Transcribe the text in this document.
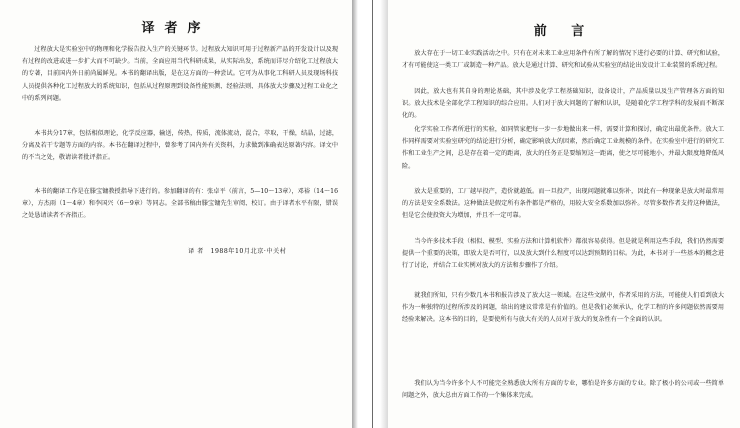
译者序

过程放大是实验室中的物理和化学报告投入生产的关键环节。过程放大知识可用于过程新产品的开发设计以及现有过程的改进或进一步扩大而不可缺少。当前，全面应用当代科研成果，从实际出发，系统而详尽介绍化工过程放大的专著，目前国内外日前尚属鲜见。本书的翻译出版，是在这方面的一种尝试。它可为从事化工科研人员及现场科技人员提供各种化工过程放大的系统知识，包括从过程原理到设备性能预测、经验法则、具体放大步骤及过程工业化之中的系列问题。

本书共分17章，包括相似理论，化学反应器，输送，传热，传质，流体流动，混合，萃取，干燥，结晶，过滤，分离及若干专题等方面的内容。本书在翻译过程中，曾参考了国内外有关资料，力求做到准确表达原著内容。译文中的不当之处，敬请读者批评指正。

本书的翻译工作是在滕宝镛教授指导下进行的。参加翻译的有：张卓平（前言，5—10～13章），邓裕（14～16章），方杰雨（1～4章）和李国兴（6～9章）等同志。全部书稿由滕宝镛先生审阅、校订。由于译者水平有限，错误之处恳请读者不吝指正。

译 者　1988年10月北京·中关村
前 言

放大存在于一切工业实践活动之中。只有在对未来工业应用条件有所了解的情况下进行必要的计算、研究和试验，才有可能使这一类工厂或制造一种产品。放大是通过计算、研究和试验从实验室的结论出发设计工业装置的系统过程。

因此，放大也有其自身的理论基础，其中涉及化学工程基础知识，设备设计，产品质量以及生产管理各方面的知识。放大技术是全部化学工程知识的综合应用。人们对于放大问题的了解和认识，是随着化学工程学科的发展而不断深化的。

化学实验工作者所进行的实验，如同管家把每一步一步地做出来一样，需要计算和探讨，确定出最优条件。放大工作同样需要对实验室研究的结论进行分析，确定影响放大的因素，然后确定工业规模的条件。在实验室中进行的研究工作和工业生产之间，总是存在着一定的距离，放大的任务正是要缩短这一距离，使之尽可能地小，并最大限度地降低风险。

放大是重要的，工厂越早投产，造价就越低。而一旦投产，出现问题就难以弥补，因此有一种现象是放大时最常用的方法是安全系数法。这种做法是假定所有条件都是严格的，用较大安全系数加以弥补。尽管多数作者支持这种做法，但是它会使投资大为增加，并且不一定可靠。

当今许多技术手段（相似、模型、实验方法和计算机软件）都很容易获得。但是就是利用这些手段，我们仍然需要提供一个重要的决策，即放大是否可行，以及放大到什么程度可以达到预期的目标。为此，本书对于一些基本的概念进行了讨论，并结合工业实例对放大的方法和步骤作了介绍。

就我们所知，只有少数几本书和报告涉及了放大这一领域。在这些文献中，作者采用的方法，可能使人们看到放大作为一种独特的过程所涉及的问题，给出的建议常常是有价值的。但是我们必须承认，化学工程的许多问题依然需要用经验来解决。这本书的目的，是要使所有与放大有关的人员对于放大的复杂性有一个全面的认识。

我们认为当今许多个人不可能完全熟悉放大所有方面的专业，哪怕是许多方面的专业。除了极小的公司或一些简单问题之外，放大总由方面工作的一个集体来完成。
